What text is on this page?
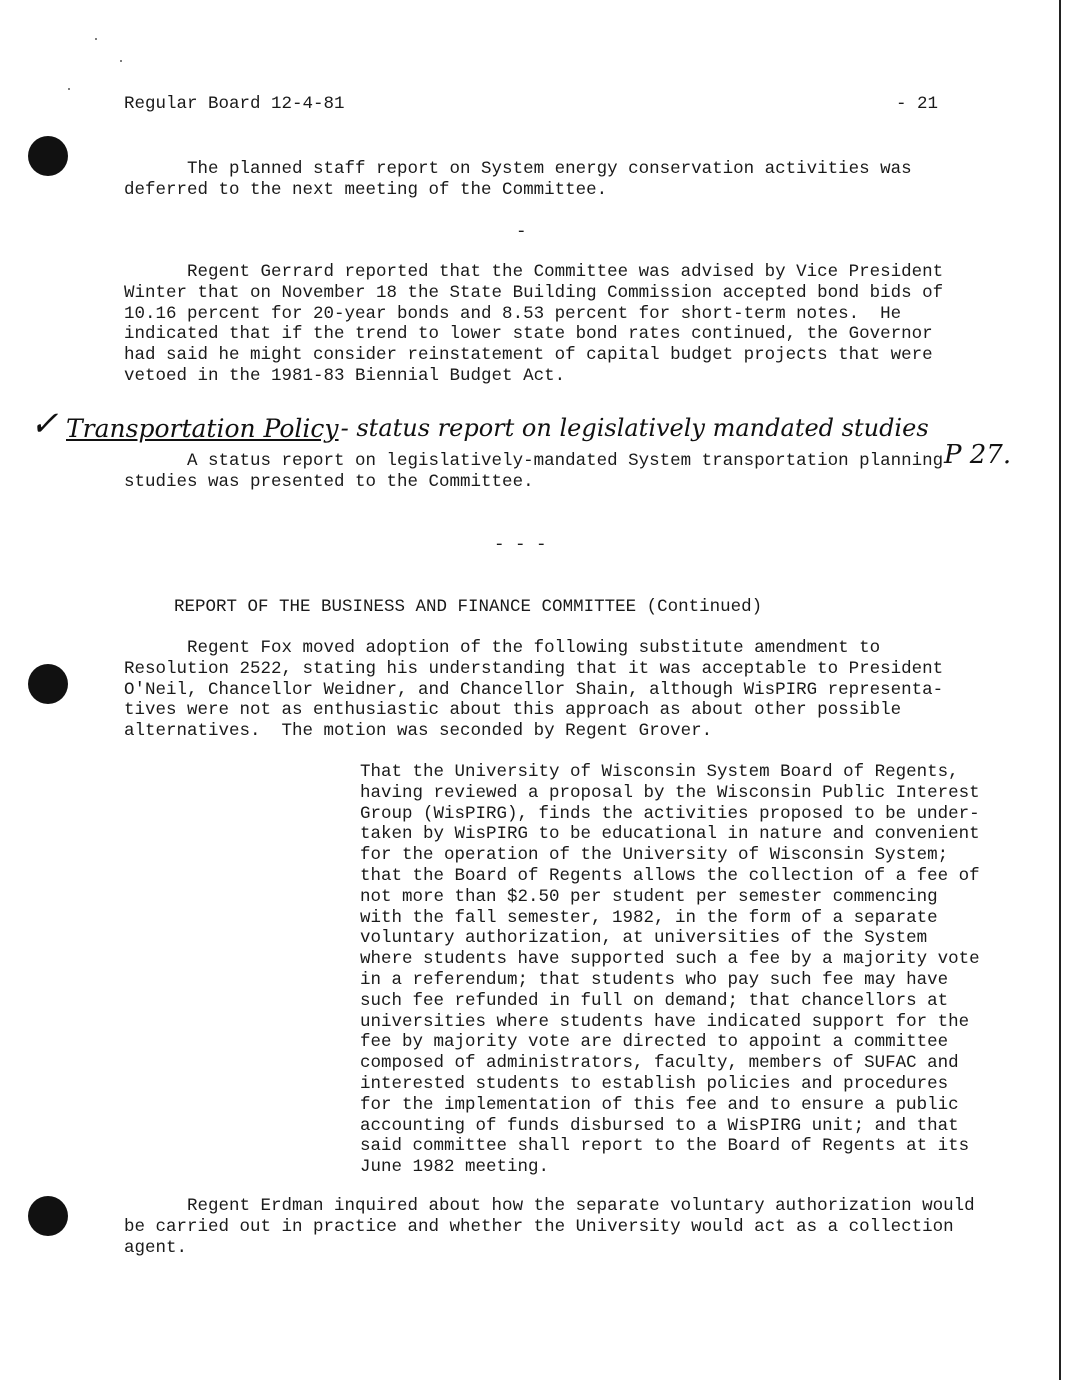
Regular Board 12-4-81	- 21

The planned staff report on System energy conservation activities was
deferred to the next meeting of the Committee.

-

Regent Gerrard reported that the Committee was advised by Vice President
Winter that on November 18 the State Building Commission accepted bond bids of
10.16 percent for 20-year bonds and 8.53 percent for short-term notes.  He
indicated that if the trend to lower state bond rates continued, the Governor
had said he might consider reinstatement of capital budget projects that were
vetoed in the 1981-83 Biennial Budget Act.

✓ Transportation Policy

- status report on legislatively mandated studies

P 27.

A status report on legislatively-mandated System transportation planning
studies was presented to the Committee.

- - -

REPORT OF THE BUSINESS AND FINANCE COMMITTEE (Continued)

Regent Fox moved adoption of the following substitute amendment to
Resolution 2522, stating his understanding that it was acceptable to President
O'Neil, Chancellor Weidner, and Chancellor Shain, although WisPIRG representa-
tives were not as enthusiastic about this approach as about other possible
alternatives.  The motion was seconded by Regent Grover.

That the University of Wisconsin System Board of Regents,
having reviewed a proposal by the Wisconsin Public Interest
Group (WisPIRG), finds the activities proposed to be under-
taken by WisPIRG to be educational in nature and convenient
for the operation of the University of Wisconsin System;
that the Board of Regents allows the collection of a fee of
not more than $2.50 per student per semester commencing
with the fall semester, 1982, in the form of a separate
voluntary authorization, at universities of the System
where students have supported such a fee by a majority vote
in a referendum; that students who pay such fee may have
such fee refunded in full on demand; that chancellors at
universities where students have indicated support for the
fee by majority vote are directed to appoint a committee
composed of administrators, faculty, members of SUFAC and
interested students to establish policies and procedures
for the implementation of this fee and to ensure a public
accounting of funds disbursed to a WisPIRG unit; and that
said committee shall report to the Board of Regents at its
June 1982 meeting.

Regent Erdman inquired about how the separate voluntary authorization would
be carried out in practice and whether the University would act as a collection
agent.
